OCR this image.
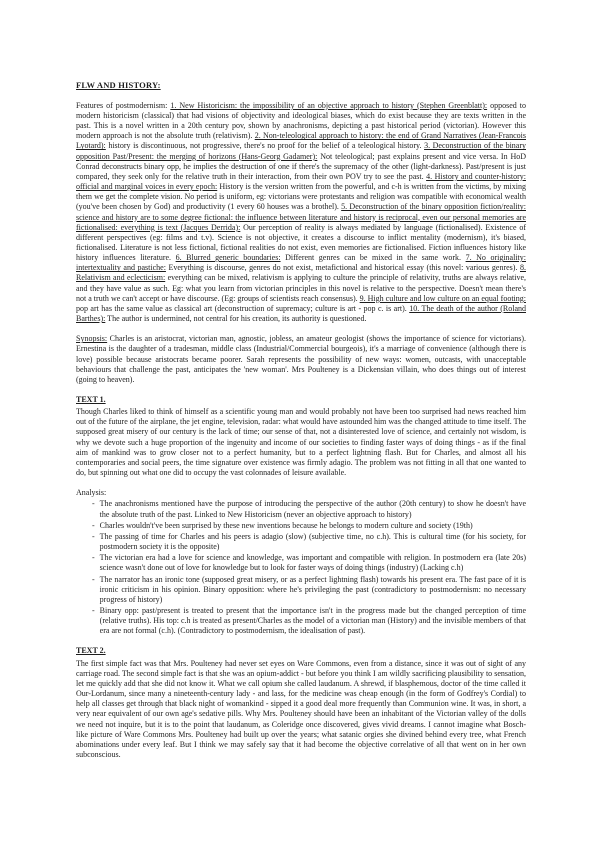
FLW AND HISTORY:

Features of postmodernism: 1. New Historicism: the impossibility of an objective approach to history (Stephen Greenblatt): opposed to modern historicism (classical) that had visions of objectivity and ideological biases, which do exist because they are texts written in the past. This is a novel written in a 20th century pov, shown by anachronisms, depicting a past historical period (victorian). However this modern approach is not the absolute truth (relativism). 2. Non-teleological approach to history: the end of Grand Narratives (Jean-Francois Lyotard): history is discontinuous, not progressive, there's no proof for the belief of a teleological history. 3. Deconstruction of the binary opposition Past/Present: the merging of horizons (Hans-Georg Gadamer): Not teleological; past explains present and vice versa. In HoD Conrad deconstructs binary opp, he implies the destruction of one if there's the supremacy of the other (light-darkness). Past/present is just compared, they seek only for the relative truth in their interaction, from their own POV try to see the past. 4. History and counter-history: official and marginal voices in every epoch: History is the version written from the powerful, and c-h is written from the victims, by mixing them we get the complete vision. No period is uniform, eg: victorians were protestants and religion was compatible with economical wealth (you've been chosen by God) and productivity (1 every 60 houses was a brothel). 5. Deconstruction of the binary opposition fiction/reality: science and history are to some degree fictional: the influence between literature and history is reciprocal, even our personal memories are fictionalised: everything is text (Jacques Derrida): Our perception of reality is always mediated by language (fictionalised). Existence of different perspectives (eg: films and t.v). Science is not objective, it creates a discourse to inflict mentality (modernism), it's biased, fictionalised. Literature is not less fictional, fictional realities do not exist, even memories are fictionalised. Fiction influences history like history influences literature. 6. Blurred generic boundaries: Different genres can be mixed in the same work. 7. No originality: intertextuality and pastiche: Everything is discourse, genres do not exist, metafictional and historical essay (this novel: various genres). 8. Relativism and eclecticism: everything can be mixed, relativism is applying to culture the principle of relativity, truths are always relative, and they have value as such. Eg: what you learn from victorian principles in this novel is relative to the perspective. Doesn't mean there's not a truth we can't accept or have discourse. (Eg: groups of scientists reach consensus). 9. High culture and low culture on an equal footing: pop art has the same value as classical art (deconstruction of supremacy; culture is art - pop c. is art). 10. The death of the author (Roland Barthes): The author is undermined, not central for his creation, its authority is questioned.

Synopsis: Charles is an aristocrat, victorian man, agnostic, jobless, an amateur geologist (shows the importance of science for victorians). Ernestina is the daughter of a tradesman, middle class (Industrial/Commercial bourgeois), it's a marriage of convenience (although there is love) possible because aristocrats became poorer. Sarah represents the possibility of new ways: women, outcasts, with unacceptable behaviours that challenge the past, anticipates the 'new woman'. Mrs Poulteney is a Dickensian villain, who does things out of interest (going to heaven).

TEXT 1.

Though Charles liked to think of himself as a scientific young man and would probably not have been too surprised had news reached him out of the future of the airplane, the jet engine, television, radar: what would have astounded him was the changed attitude to time itself. The supposed great misery of our century is the lack of time; our sense of that, not a disinterested love of science, and certainly not wisdom, is why we devote such a huge proportion of the ingenuity and income of our societies to finding faster ways of doing things - as if the final aim of mankind was to grow closer not to a perfect humanity, but to a perfect lightning flash. But for Charles, and almost all his contemporaries and social peers, the time signature over existence was firmly adagio. The problem was not fitting in all that one wanted to do, but spinning out what one did to occupy the vast colonnades of leisure available.

Analysis:

- The anachronisms mentioned have the purpose of introducing the perspective of the author (20th century) to show he doesn't have the absolute truth of the past. Linked to New Historicism (never an objective approach to history)
- Charles wouldn't've been surprised by these new inventions because he belongs to modern culture and society (19th)
- The passing of time for Charles and his peers is adagio (slow) (subjective time, no c.h). This is cultural time (for his society, for postmodern society it is the opposite)
- The victorian era had a love for science and knowledge, was important and compatible with religion. In postmodern era (late 20s) science wasn't done out of love for knowledge but to look for faster ways of doing things (industry) (Lacking c.h)
- The narrator has an ironic tone (supposed great misery, or as a perfect lightning flash) towards his present era. The fast pace of it is ironic criticism in his opinion. Binary opposition: where he's privileging the past (contradictory to postmodernism: no necessary progress of history)
- Binary opp: past/present is treated to present that the importance isn't in the progress made but the changed perception of time (relative truths). His top: c.h is treated as present/Charles as the model of a victorian man (History) and the invisible members of that era are not formal (c.h). (Contradictory to postmodernism, the idealisation of past).

TEXT 2.

The first simple fact was that Mrs. Poulteney had never set eyes on Ware Commons, even from a distance, since it was out of sight of any carriage road. The second simple fact is that she was an opium-addict - but before you think I am wildly sacrificing plausibility to sensation, let me quickly add that she did not know it. What we call opium she called laudanum. A shrewd, if blasphemous, doctor of the time called it Our-Lordanum, since many a nineteenth-century lady - and lass, for the medicine was cheap enough (in the form of Godfrey's Cordial) to help all classes get through that black night of womankind - sipped it a good deal more frequently than Communion wine. It was, in short, a very near equivalent of our own age's sedative pills. Why Mrs. Poulteney should have been an inhabitant of the Victorian valley of the dolls we need not inquire, but it is to the point that laudanum, as Coleridge once discovered, gives vivid dreams. I cannot imagine what Bosch-like picture of Ware Commons Mrs. Poulteney had built up over the years; what satanic orgies she divined behind every tree, what French abominations under every leaf. But I think we may safely say that it had become the objective correlative of all that went on in her own subconscious.
